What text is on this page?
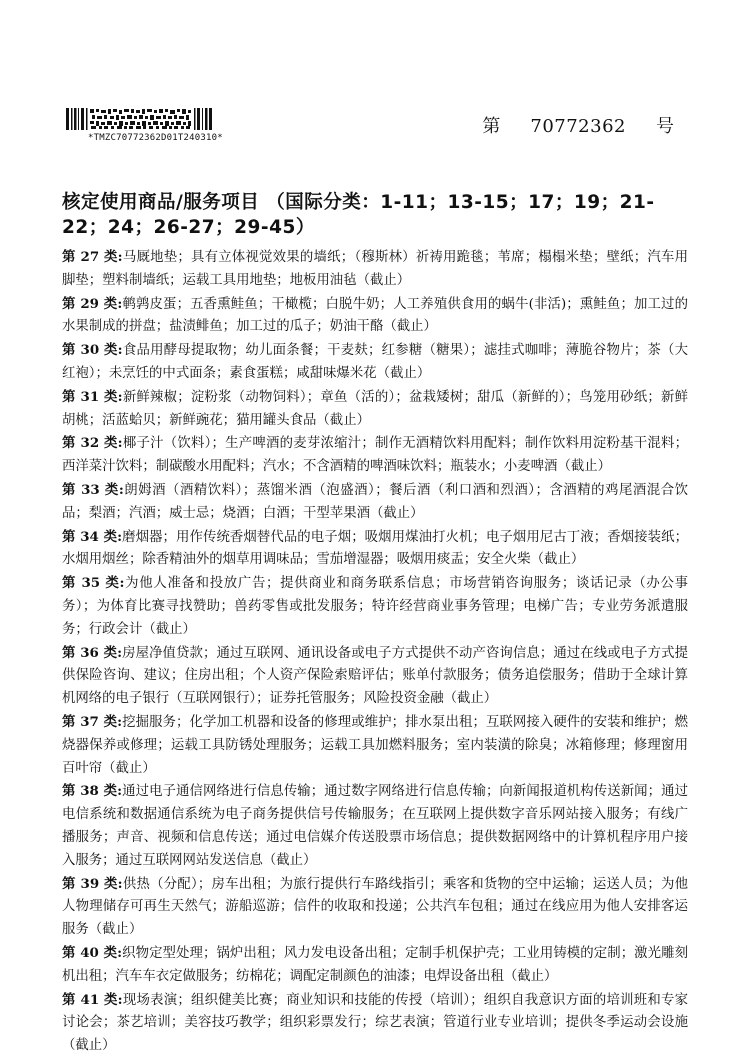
*TMZC70772362D01T240310*
第 70772362 号
核定使用商品/服务项目 （国际分类：1-11；13-15；17；19；21-22；24；26-27；29-45）

第 27 类:马厩地垫；具有立体视觉效果的墙纸；（穆斯林）祈祷用跪毯；苇席；榻榻米垫；壁纸；汽车用脚垫；塑料制墙纸；运载工具用地垫；地板用油毡（截止）

第 29 类:鹌鹑皮蛋；五香熏鲑鱼；干橄榄；白脱牛奶；人工养殖供食用的蜗牛(非活)；熏鲑鱼；加工过的水果制成的拼盘；盐渍鲱鱼；加工过的瓜子；奶油干酪（截止）

第 30 类:食品用酵母提取物；幼儿面条餐；干麦麸；红参糖（糖果）；滤挂式咖啡；薄脆谷物片；茶（大红袍）；未烹饪的中式面条；素食蛋糕；咸甜味爆米花（截止）

第 31 类:新鲜辣椒；淀粉浆（动物饲料）；章鱼（活的）；盆栽矮树；甜瓜（新鲜的）；鸟笼用砂纸；新鲜胡桃；活蓝蛤贝；新鲜豌花；猫用罐头食品（截止）

第 32 类:椰子汁（饮料）；生产啤酒的麦芽浓缩汁；制作无酒精饮料用配料；制作饮料用淀粉基干混料；西洋菜汁饮料；制碳酸水用配料；汽水；不含酒精的啤酒味饮料；瓶装水；小麦啤酒（截止）

第 33 类:朗姆酒（酒精饮料）；蒸馏米酒（泡盛酒）；餐后酒（利口酒和烈酒）；含酒精的鸡尾酒混合饮品；梨酒；汽酒；威士忌；烧酒；白酒；干型苹果酒（截止）

第 34 类:磨烟器；用作传统香烟替代品的电子烟；吸烟用煤油打火机；电子烟用尼古丁液；香烟接装纸；水烟用烟丝；除香精油外的烟草用调味品；雪茄增湿器；吸烟用痰盂；安全火柴（截止）

第 35 类:为他人准备和投放广告；提供商业和商务联系信息；市场营销咨询服务；谈话记录（办公事务）；为体育比赛寻找赞助；兽药零售或批发服务；特许经营商业事务管理；电梯广告；专业劳务派遣服务；行政会计（截止）

第 36 类:房屋净值贷款；通过互联网、通讯设备或电子方式提供不动产咨询信息；通过在线或电子方式提供保险咨询、建议；住房出租；个人资产保险索赔评估；账单付款服务；债务追偿服务；借助于全球计算机网络的电子银行（互联网银行）；证券托管服务；风险投资金融（截止）

第 37 类:挖掘服务；化学加工机器和设备的修理或维护；排水泵出租；互联网接入硬件的安装和维护；燃烧器保养或修理；运载工具防锈处理服务；运载工具加燃料服务；室内装潢的除臭；冰箱修理；修理窗用百叶帘（截止）

第 38 类:通过电子通信网络进行信息传输；通过数字网络进行信息传输；向新闻报道机构传送新闻；通过电信系统和数据通信系统为电子商务提供信号传输服务；在互联网上提供数字音乐网站接入服务；有线广播服务；声音、视频和信息传送；通过电信媒介传送股票市场信息；提供数据网络中的计算机程序用户接入服务；通过互联网网站发送信息（截止）

第 39 类:供热（分配）；房车出租；为旅行提供行车路线指引；乘客和货物的空中运输；运送人员；为他人物理储存可再生天然气；游船巡游；信件的收取和投递；公共汽车包租；通过在线应用为他人安排客运服务（截止）

第 40 类:织物定型处理；锅炉出租；风力发电设备出租；定制手机保护壳；工业用铸模的定制；激光雕刻机出租；汽车车衣定做服务；纺棉花；调配定制颜色的油漆；电焊设备出租（截止）

第 41 类:现场表演；组织健美比赛；商业知识和技能的传授（培训）；组织自我意识方面的培训班和专家讨论会；茶艺培训；美容技巧教学；组织彩票发行；综艺表演；管道行业专业培训；提供冬季运动会设施（截止）
